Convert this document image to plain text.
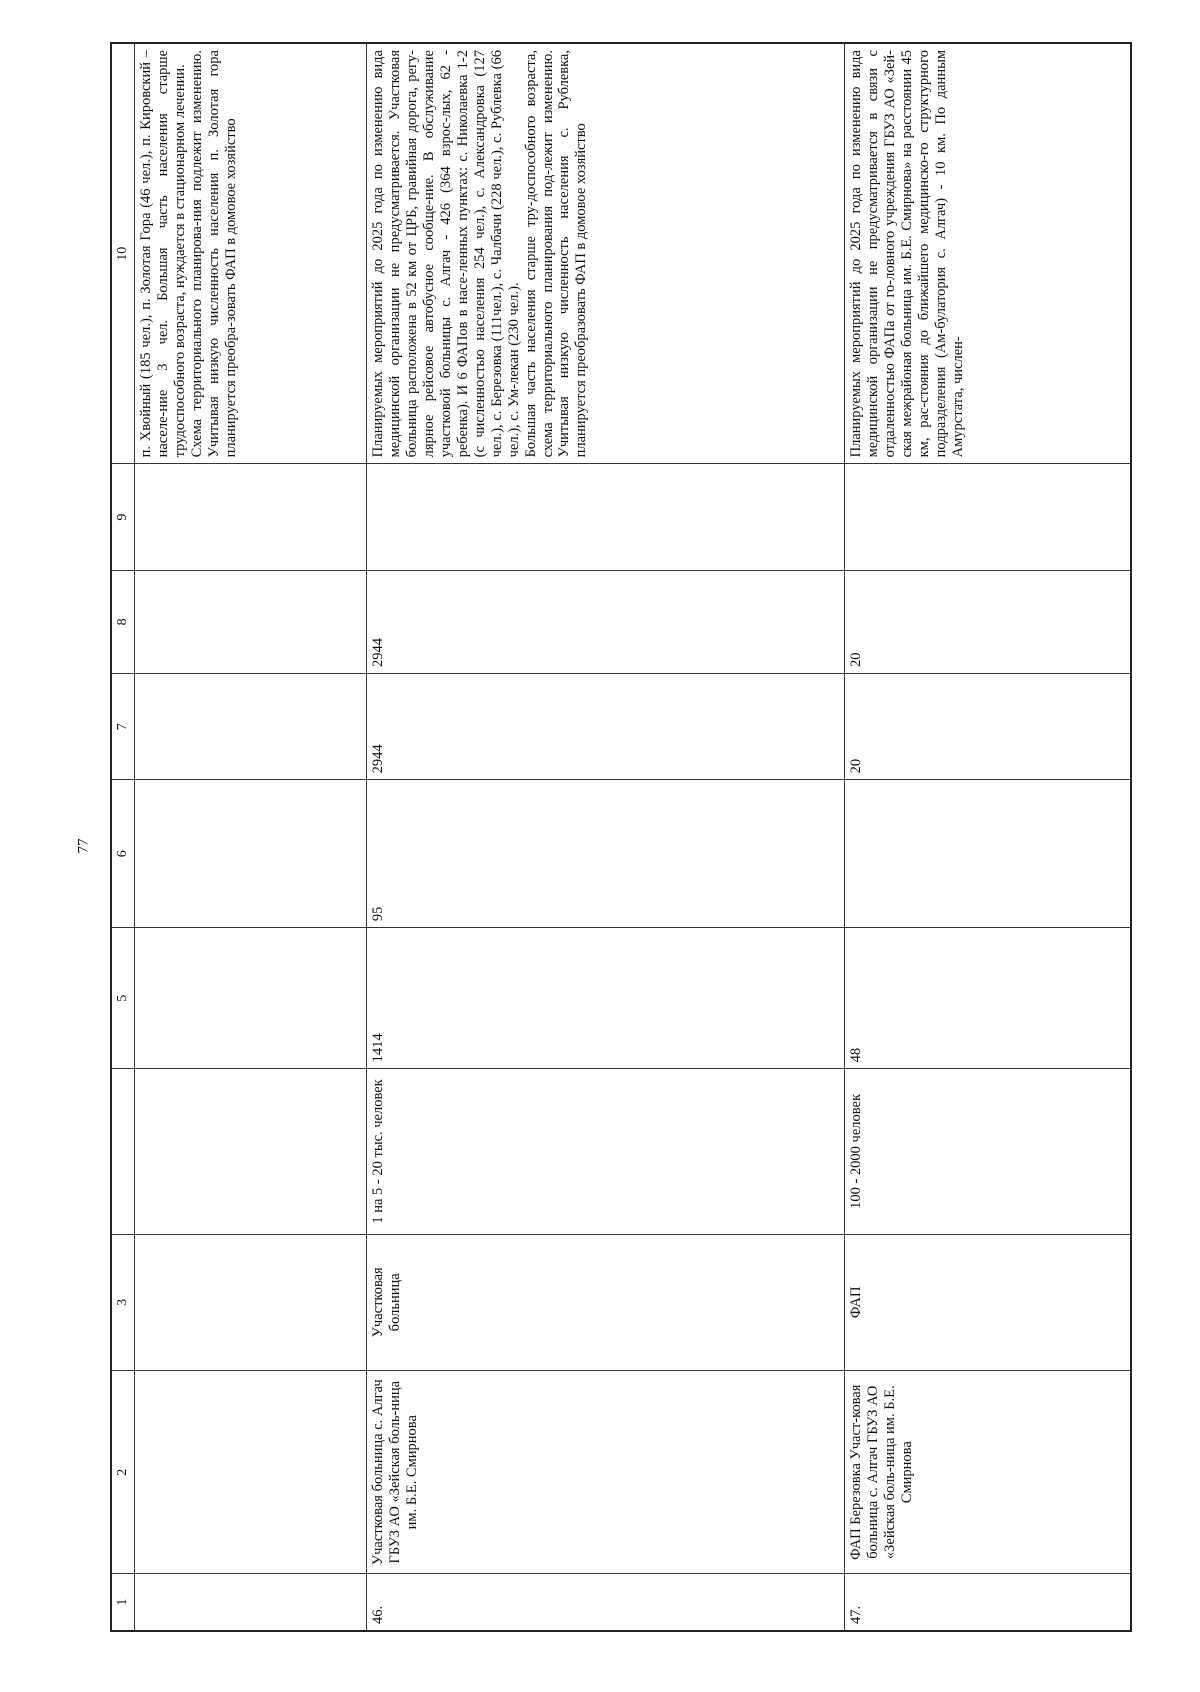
77
1	2	3		5	6	7	8	9	10

									п. Хвойный (185 чел.), п. Золотая Гора (46 чел.), п. Кировский – населе-ние 3 чел. Большая часть населения старше трудоспособного возраста, нуждается в стационарном лечении. Схема территориального планирова-ния подлежит изменению. Учитывая низкую численность населения п. Золотая гора планируется преобра-зовать ФАП в домовое хозяйство

46.	Участковая больница с. Алгач ГБУЗ АО «Зейская боль-ница им. Б.Е. Смирнова	Участковая больница	1 на 5 - 20 тыс. человек	1414	95	2944	2944		Планируемых мероприятий до 2025 года по изменению вида медицинской организации не предусматривается. Участковая больница расположена в 52 км от ЦРБ, гравийная дорога, регу-лярное рейсовое автобусное сообще-ние. В обслуживание участковой больницы с. Алгач - 426 (364 взрос-лых, 62 - ребенка). И 6 ФАПов в насе-ленных пунктах: с. Николаевка 1-2 (с численностью населения 254 чел.), с. Александровка (127 чел.), с. Березовка (111чел.), с. Чалбачи (228 чел.), с. Рублевка (66 чел.), с. Ум-лекан (230 чел.). Большая часть населения старше тру-доспособного возраста, схема территориального планирования под-лежит изменению. Учитывая низкую численность населения с. Рублевка, планируется преобразовать ФАП в домовое хозяйство

47.	ФАП Березовка Участ-ковая больница с. Алгач ГБУЗ АО «Зейская боль-ница им. Б.Е. Смирнова	ФАП	100 - 2000 человек	48		20	20		Планируемых мероприятий до 2025 года по изменению вида медицинской организации не предусматривается в связи с отдаленностью ФАПа от го-ловного учреждения ГБУЗ АО «Зей-ская межрайоная больница им. Б.Е. Смирнова» на расстоянии 45 км, рас-стояния до ближайшего медицинско-го структурного подразделения (Ам-булатория с. Алгач) - 10 км. По данным Амурстата, числен-
